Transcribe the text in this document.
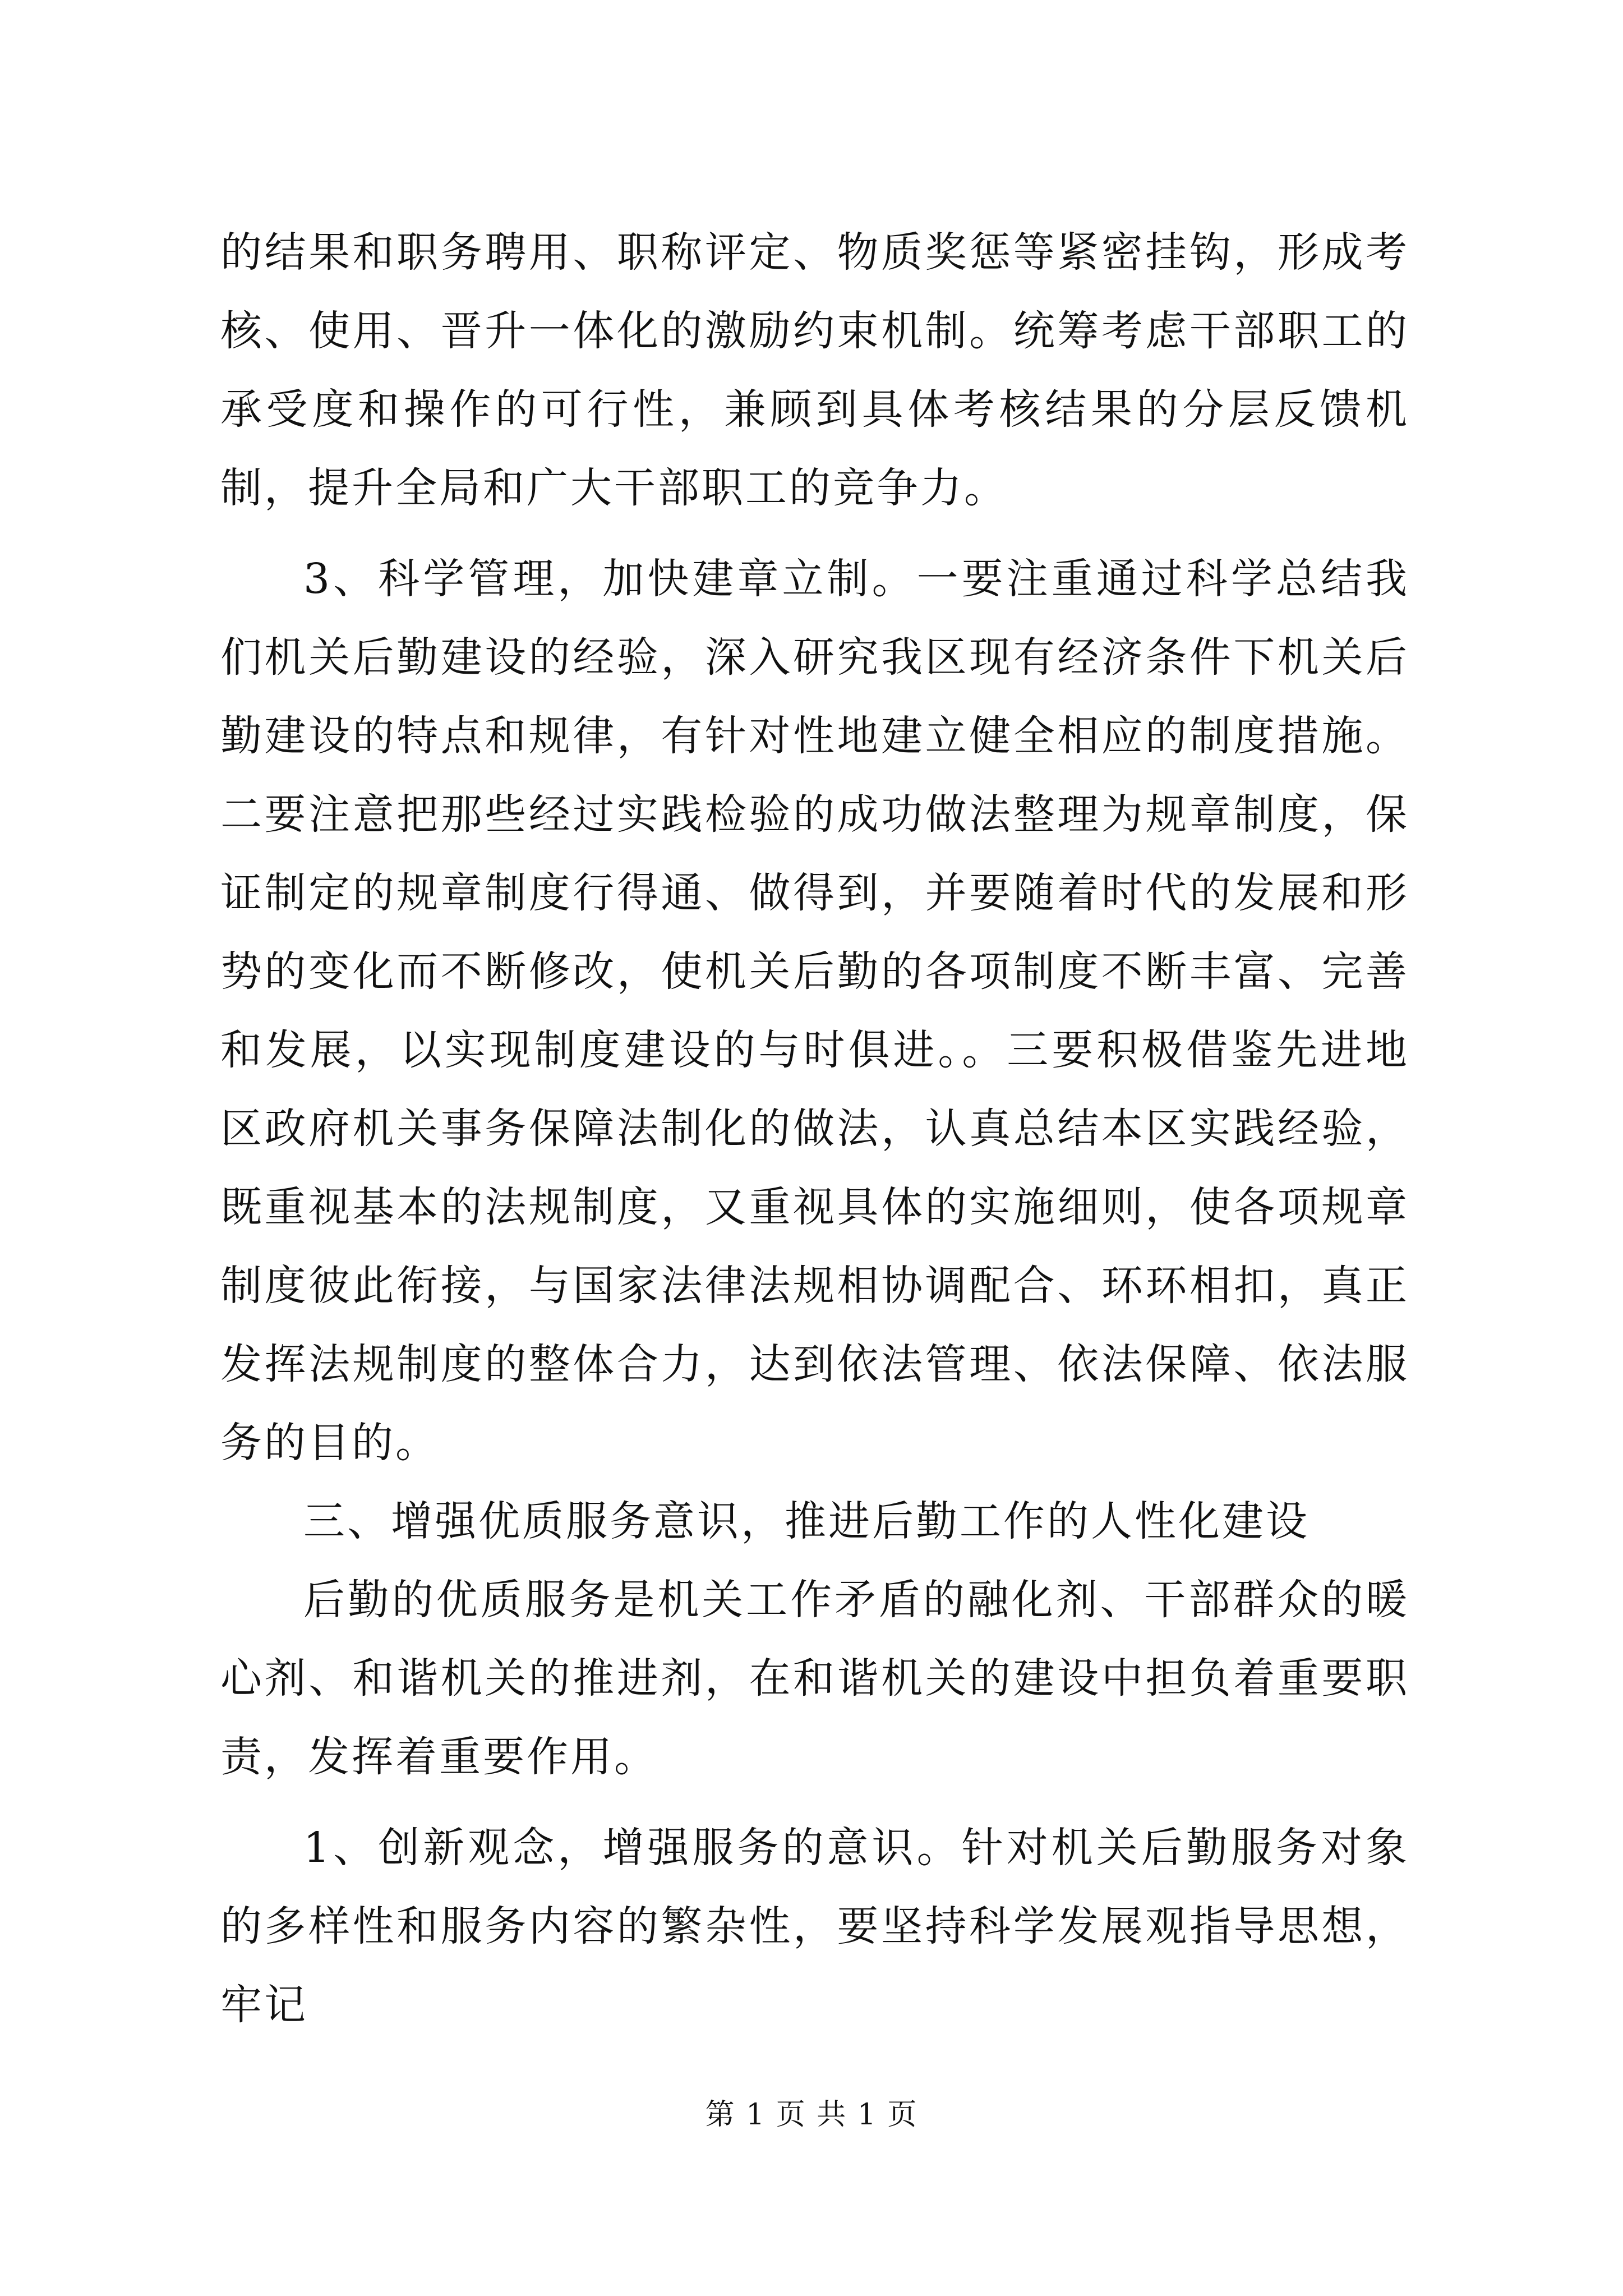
的结果和职务聘用、职称评定、物质奖惩等紧密挂钩，形成考核、使用、晋升一体化的激励约束机制。统筹考虑干部职工的承受度和操作的可行性，兼顾到具体考核结果的分层反馈机制，提升全局和广大干部职工的竞争力。

3、科学管理，加快建章立制。一要注重通过科学总结我们机关后勤建设的经验，深入研究我区现有经济条件下机关后勤建设的特点和规律，有针对性地建立健全相应的制度措施。二要注意把那些经过实践检验的成功做法整理为规章制度，保证制定的规章制度行得通、做得到，并要随着时代的发展和形势的变化而不断修改，使机关后勤的各项制度不断丰富、完善和发展，以实现制度建设的与时俱进。。三要积极借鉴先进地区政府机关事务保障法制化的做法，认真总结本区实践经验，既重视基本的法规制度，又重视具体的实施细则，使各项规章制度彼此衔接，与国家法律法规相协调配合、环环相扣，真正发挥法规制度的整体合力，达到依法管理、依法保障、依法服务的目的。

三、增强优质服务意识，推进后勤工作的人性化建设

后勤的优质服务是机关工作矛盾的融化剂、干部群众的暖心剂、和谐机关的推进剂，在和谐机关的建设中担负着重要职责，发挥着重要作用。

1、创新观念，增强服务的意识。针对机关后勤服务对象的多样性和服务内容的繁杂性，要坚持科学发展观指导思想，牢记

第 1 页 共 1 页
